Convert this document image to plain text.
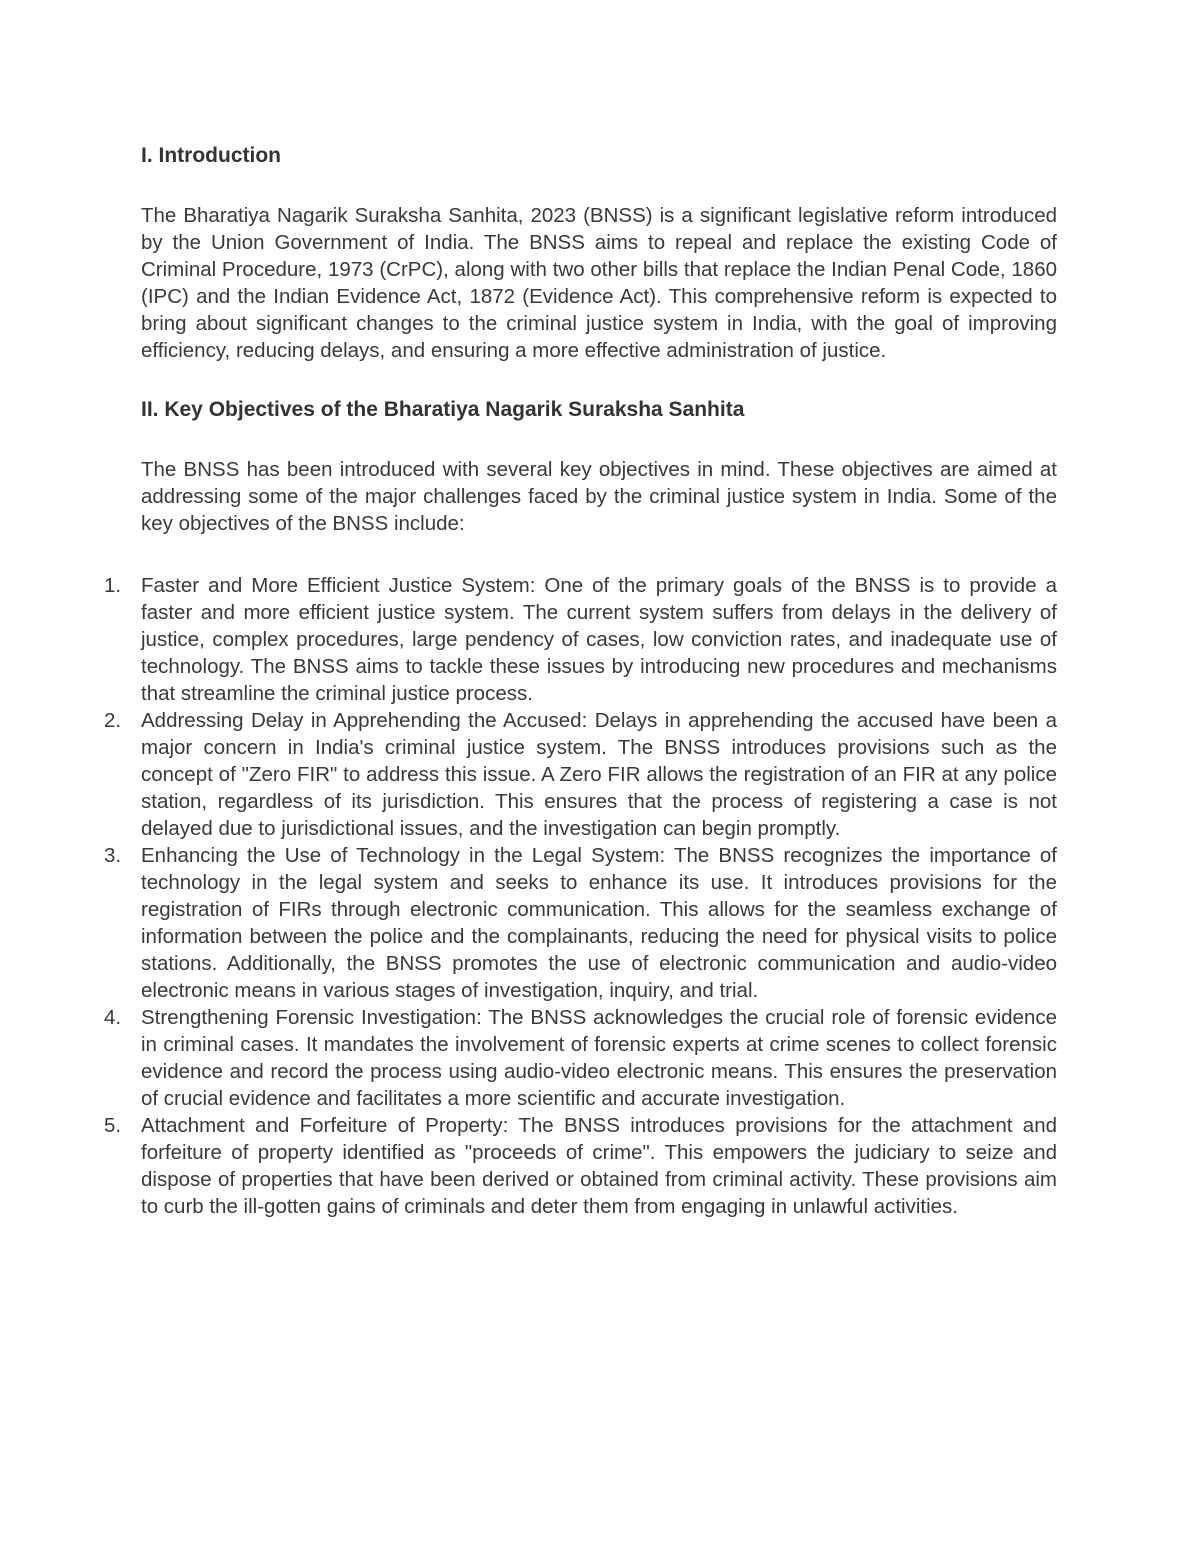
I. Introduction

The Bharatiya Nagarik Suraksha Sanhita, 2023 (BNSS) is a significant legislative reform introduced by the Union Government of India. The BNSS aims to repeal and replace the existing Code of Criminal Procedure, 1973 (CrPC), along with two other bills that replace the Indian Penal Code, 1860 (IPC) and the Indian Evidence Act, 1872 (Evidence Act). This comprehensive reform is expected to bring about significant changes to the criminal justice system in India, with the goal of improving efficiency, reducing delays, and ensuring a more effective administration of justice.

II. Key Objectives of the Bharatiya Nagarik Suraksha Sanhita

The BNSS has been introduced with several key objectives in mind. These objectives are aimed at addressing some of the major challenges faced by the criminal justice system in India. Some of the key objectives of the BNSS include:

1. Faster and More Efficient Justice System: One of the primary goals of the BNSS is to provide a faster and more efficient justice system. The current system suffers from delays in the delivery of justice, complex procedures, large pendency of cases, low conviction rates, and inadequate use of technology. The BNSS aims to tackle these issues by introducing new procedures and mechanisms that streamline the criminal justice process.
2. Addressing Delay in Apprehending the Accused: Delays in apprehending the accused have been a major concern in India's criminal justice system. The BNSS introduces provisions such as the concept of "Zero FIR" to address this issue. A Zero FIR allows the registration of an FIR at any police station, regardless of its jurisdiction. This ensures that the process of registering a case is not delayed due to jurisdictional issues, and the investigation can begin promptly.
3. Enhancing the Use of Technology in the Legal System: The BNSS recognizes the importance of technology in the legal system and seeks to enhance its use. It introduces provisions for the registration of FIRs through electronic communication. This allows for the seamless exchange of information between the police and the complainants, reducing the need for physical visits to police stations. Additionally, the BNSS promotes the use of electronic communication and audio-video electronic means in various stages of investigation, inquiry, and trial.
4. Strengthening Forensic Investigation: The BNSS acknowledges the crucial role of forensic evidence in criminal cases. It mandates the involvement of forensic experts at crime scenes to collect forensic evidence and record the process using audio-video electronic means. This ensures the preservation of crucial evidence and facilitates a more scientific and accurate investigation.
5. Attachment and Forfeiture of Property: The BNSS introduces provisions for the attachment and forfeiture of property identified as "proceeds of crime". This empowers the judiciary to seize and dispose of properties that have been derived or obtained from criminal activity. These provisions aim to curb the ill-gotten gains of criminals and deter them from engaging in unlawful activities.
